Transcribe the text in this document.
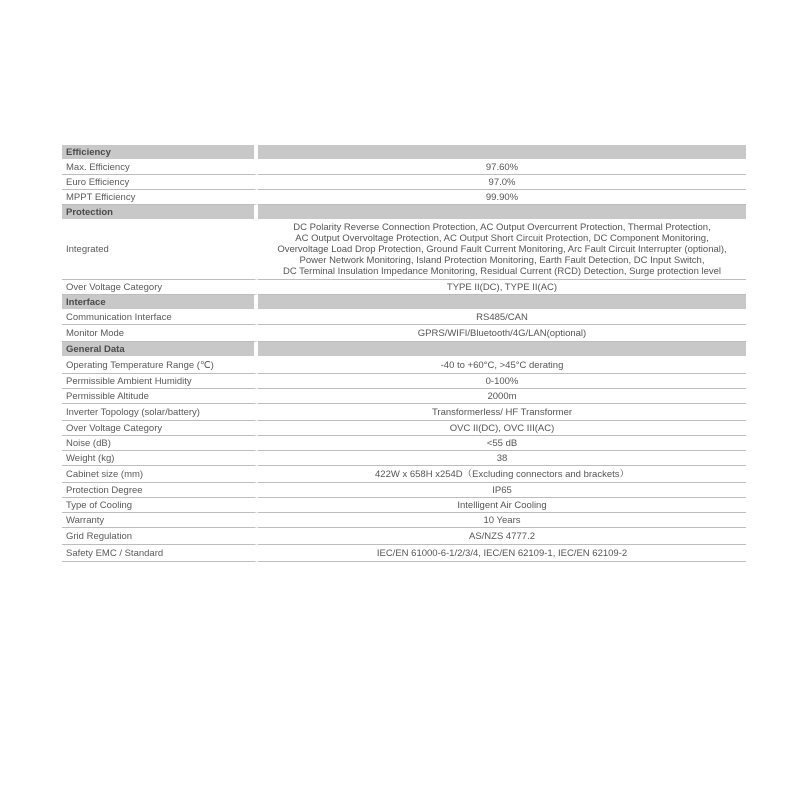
Efficiency	
Max. Efficiency	97.60%
Euro Efficiency	97.0%
MPPT Efficiency	99.90%
Protection	
Integrated	DC Polarity Reverse Connection Protection, AC Output Overcurrent Protection, Thermal Protection,
AC Output Overvoltage Protection, AC Output Short Circuit Protection, DC Component Monitoring,
Overvoltage Load Drop Protection, Ground Fault Current Monitoring, Arc Fault Circuit Interrupter (optional),
Power Network Monitoring, Island Protection Monitoring, Earth Fault Detection, DC Input Switch,
DC Terminal Insulation Impedance Monitoring, Residual Current (RCD) Detection, Surge protection level

Over Voltage Category	TYPE II(DC), TYPE II(AC)
Interface	
Communication Interface	RS485/CAN
Monitor Mode	GPRS/WIFI/Bluetooth/4G/LAN(optional)
General Data	
Operating Temperature Range (℃)	-40 to +60°C, >45°C derating
Permissible Ambient Humidity	0-100%
Permissible Altitude	2000m
Inverter Topology (solar/battery)	Transformerless/ HF Transformer
Over Voltage Category	OVC II(DC), OVC III(AC)
Noise (dB)	<55 dB
Weight (kg)	38
Cabinet size (mm)	422W x 658H x254D（Excluding connectors and brackets）
Protection Degree	IP65
Type of Cooling	Intelligent Air Cooling
Warranty	10 Years
Grid Regulation	AS/NZS 4777.2
Safety EMC / Standard	IEC/EN 61000-6-1/2/3/4, IEC/EN 62109-1, IEC/EN 62109-2
